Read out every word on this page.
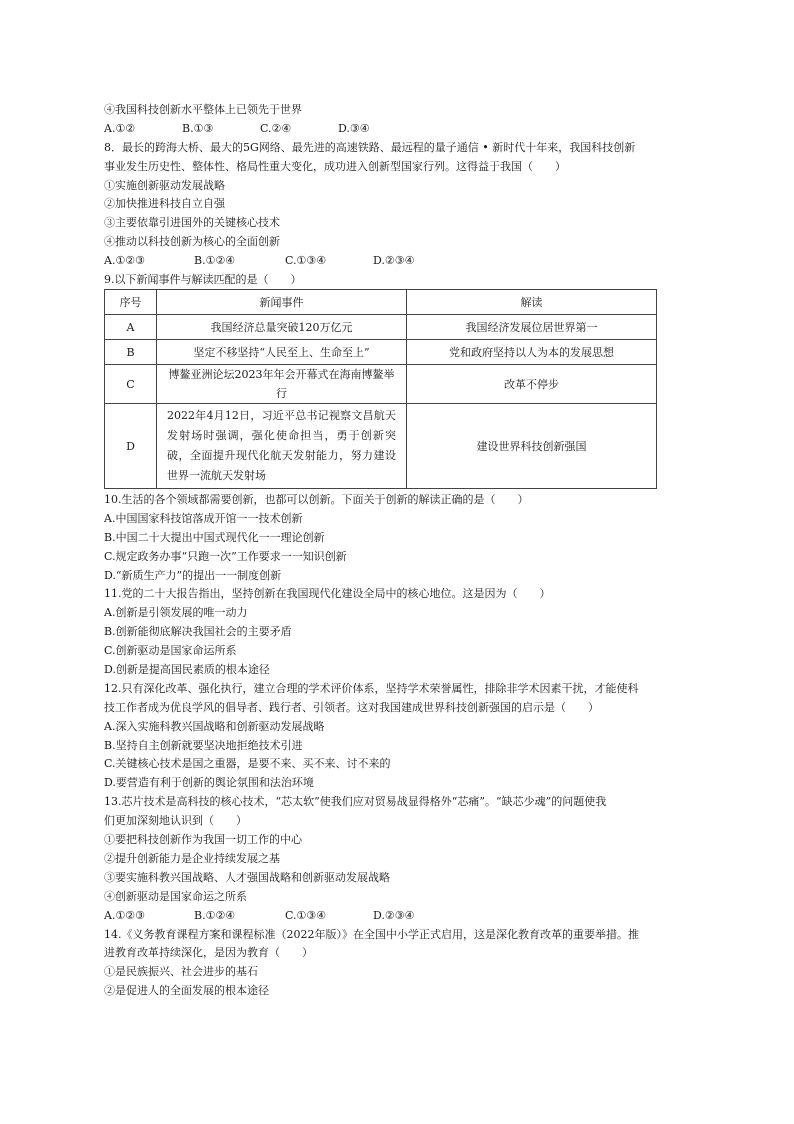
④我国科技创新水平整体上已领先于世界
A.①②	B.①③	C.②④	D.③④
8．最长的跨海大桥、最大的5G网络、最先进的高速铁路、最远程的量子通信 • 新时代十年来，我国科技创新
事业发生历史性、整体性、格局性重大变化，成功进入创新型国家行列。这得益于我国（　　）
①实施创新驱动发展战略
②加快推进科技自立自强
③主要依靠引进国外的关键核心技术
④推动以科技创新为核心的全面创新
A.①②③	B.①②④	C.①③④	D.②③④
9.以下新闻事件与解读匹配的是（　　）
序号	新闻事件	解读
A	我国经济总量突破120万亿元	我国经济发展位居世界第一
B	坚定不移坚持“人民至上、生命至上”	党和政府坚持以人为本的发展思想
C	博鳌亚洲论坛2023年年会开幕式在海南博鳌举行	改革不停步
D	2022年4月12日，习近平总书记视察文昌航天发射场时强调，强化使命担当，勇于创新突破，全面提升现代化航天发射能力，努力建设世界一流航天发射场	建设世界科技创新强国
10.生活的各个领域都需要创新，也都可以创新。下面关于创新的解读正确的是（　　）
A.中国国家科技馆落成开馆一一技术创新
B.中国二十大提出中国式现代化一一理论创新
C.规定政务办事“只跑一次”工作要求一一知识创新
D.“新质生产力”的提出一一制度创新
11.党的二十大报告指出，坚持创新在我国现代化建设全局中的核心地位。这是因为（　　）
A.创新是引领发展的唯一动力
B.创新能彻底解决我国社会的主要矛盾
C.创新驱动是国家命运所系
D.创新是提高国民素质的根本途径
12.只有深化改革、强化执行，建立合理的学术评价体系，坚持学术荣誉属性，排除非学术因素干扰，才能使科
技工作者成为优良学风的倡导者、践行者、引领者。这对我国建成世界科技创新强国的启示是（　　）
A.深入实施科教兴国战略和创新驱动发展战略
B.坚持自主创新就要坚决地拒绝技术引进
C.关键核心技术是国之重器，是要不来、买不来、讨不来的
D.要营造有利于创新的舆论氛围和法治环境
13.芯片技术是高科技的核心技术，“芯太软”使我们应对贸易战显得格外“芯痛”。“缺芯少魂”的问题使我
们更加深刻地认识到（　　）
①要把科技创新作为我国一切工作的中心
②提升创新能力是企业持续发展之基
③要实施科教兴国战略、人才强国战略和创新驱动发展战略
④创新驱动是国家命运之所系
A.①②③	B.①②④	C.①③④	D.②③④
14.《义务教育课程方案和课程标准（2022年版）》在全国中小学正式启用，这是深化教育改革的重要举措。推
进教育改革持续深化，是因为教育（　　）
①是民族振兴、社会进步的基石
②是促进人的全面发展的根本途径
